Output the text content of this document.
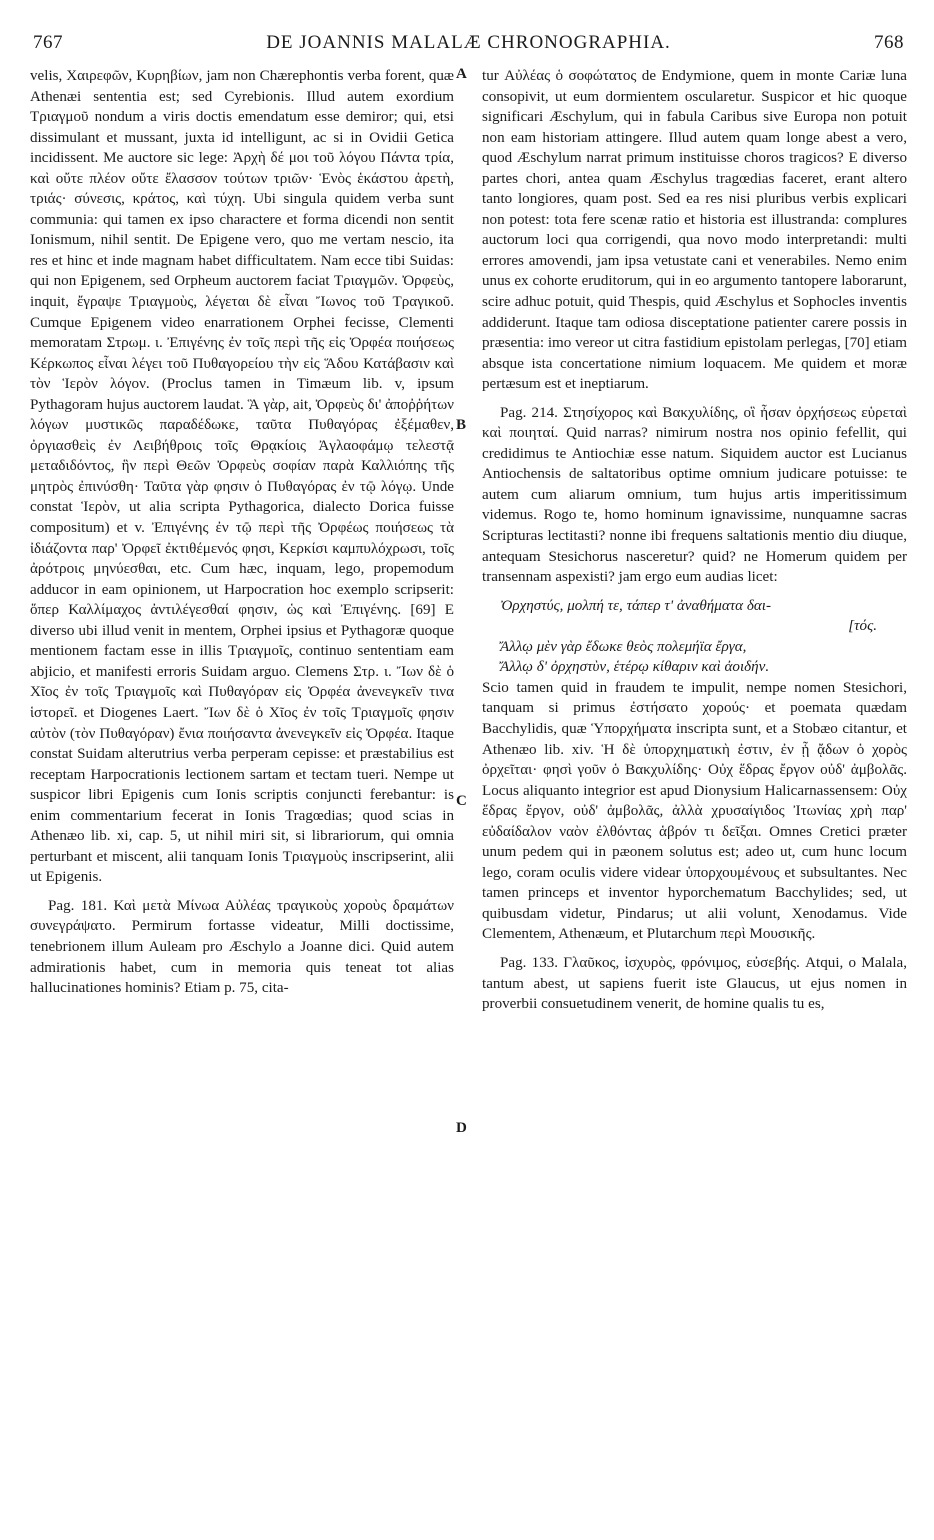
767	DE JOANNIS MALALÆ CHRONOGRAPHIA.	768

velis, Χαιρεφῶν, Κυρηβίων, jam non Chærephontis verba forent, quæ Athenæi sententia est; sed Cyrebionis. Illud autem exordium Τριαγμοῦ nondum a viris doctis emendatum esse demiror; qui, etsi dissimulant et mussant, juxta id intelligunt, ac si in Ovidii Getica incidissent. Me auctore sic lege: Ἀρχὴ δέ μοι τοῦ λόγου Πάντα τρία, καὶ οὔτε πλέον οὔτε ἔλασσον τούτων τριῶν· Ἑνὸς ἑκάστου ἀρετὴ, τριάς· σύνεσις, κράτος, καὶ τύχη. Ubi singula quidem verba sunt communia: qui tamen ex ipso charactere et forma dicendi non sentit Ionismum, nihil sentit. De Epigene vero, quo me vertam nescio, ita res et hinc et inde magnam habet difficultatem. Nam ecce tibi Suidas: qui non Epigenem, sed Orpheum auctorem faciat Τριαγμῶν. Ὀρφεὺς, inquit, ἔγραψε Τριαγμοὺς, λέγεται δὲ εἶναι Ἴωνος τοῦ Τραγικοῦ. Cumque Epigenem video enarrationem Orphei fecisse, Clementi memoratam Στρωμ. ι. Ἐπιγένης ἐν τοῖς περὶ τῆς εἰς Ὀρφέα ποιήσεως Κέρκωπος εἶναι λέγει τοῦ Πυθαγορείου τὴν εἰς Ἅδου Κατάβασιν καὶ τὸν Ἱερὸν λόγον. (Proclus tamen in Timæum lib. v, ipsum Pythagoram hujus auctorem laudat. Ἃ γὰρ, ait, Ὀρφεὺς δι' ἀποῤῥήτων λόγων μυστικῶς παραδέδωκε, ταῦτα Πυθαγόρας ἐξέμαθεν, ὀργιασθεὶς ἐν Λειβήθροις τοῖς Θρᾳκίοις Ἀγλαοφάμῳ τελεστᾷ μεταδιδόντος, ἣν περὶ Θεῶν Ὀρφεὺς σοφίαν παρὰ Καλλιόπης τῆς μητρὸς ἐπινύσθη· Ταῦτα γὰρ φησιν ὁ Πυθαγόρας ἐν τῷ λόγῳ. Unde constat Ἱερὸν, ut alia scripta Pythagorica, dialecto Dorica fuisse compositum) et v. Ἐπιγένης ἐν τῷ περὶ τῆς Ὀρφέως ποιήσεως τὰ ἰδιάζοντα παρ' Ὀρφεῖ ἐκτιθέμενός φησι, Κερκίσι καμπυλόχρωσι, τοῖς ἀρότροις μηνύεσθαι, etc. Cum hæc, inquam, lego, propemodum adducor in eam opinionem, ut Harpocration hoc exemplo scripserit: ὅπερ Καλλίμαχος ἀντιλέγεσθαί φησιν, ὡς καὶ Ἐπιγένης. [69] E diverso ubi illud venit in mentem, Orphei ipsius et Pythagoræ quoque mentionem factam esse in illis Τριαγμοῖς, continuo sententiam eam abjicio, et manifesti erroris Suidam arguo. Clemens Στρ. ι. Ἴων δὲ ὁ Χῖος ἐν τοῖς Τριαγμοῖς καὶ Πυθαγόραν εἰς Ὀρφέα ἀνενεγκεῖν τινα ἱστορεῖ. et Diogenes Laert. Ἴων δὲ ὁ Χῖος ἐν τοῖς Τριαγμοῖς φησιν αὐτὸν (τὸν Πυθαγόραν) ἔνια ποιήσαντα ἀνενεγκεῖν εἰς Ὀρφέα. Itaque constat Suidam alterutrius verba perperam cepisse: et præstabilius est receptam Harpocrationis lectionem sartam et tectam tueri. Nempe ut suspicor libri Epigenis cum Ionis scriptis conjuncti ferebantur: is enim commentarium fecerat in Ionis Tragœdias; quod scias in Athenæo lib. xi, cap. 5, ut nihil miri sit, si librariorum, qui omnia perturbant et miscent, alii tanquam Ionis Τριαγμοὺς inscripserint, alii ut Epigenis.

Pag. 181. Καὶ μετὰ Μίνωα Αὐλέας τραγικοὺς χοροὺς δραμάτων συνεγράψατο. Permirum fortasse videatur, Milli doctissime, tenebrionem illum Auleam pro Æschylo a Joanne dici. Quid autem admirationis habet, cum in memoria quis teneat tot alias hallucinationes hominis? Etiam p. 75, cita-

A
B
C
D

tur Αὐλέας ὁ σοφώτατος de Endymione, quem in monte Cariæ luna consopivit, ut eum dormientem oscularetur. Suspicor et hic quoque significari Æschylum, qui in fabula Caribus sive Europa non potuit non eam historiam attingere. Illud autem quam longe abest a vero, quod Æschylum narrat primum instituisse choros tragicos? E diverso partes chori, antea quam Æschylus tragœdias faceret, erant altero tanto longiores, quam post. Sed ea res nisi pluribus verbis explicari non potest: tota fere scenæ ratio et historia est illustranda: complures auctorum loci qua corrigendi, qua novo modo interpretandi: multi errores amovendi, jam ipsa vetustate cani et venerabiles. Nemo enim unus ex cohorte eruditorum, qui in eo argumento tantopere laborarunt, scire adhuc potuit, quid Thespis, quid Æschylus et Sophocles inventis addiderunt. Itaque tam odiosa disceptatione patienter carere possis in præsentia: imo vereor ut citra fastidium epistolam perlegas, [70] etiam absque ista concertatione nimium loquacem. Me quidem et moræ pertæsum est et ineptiarum.

Pag. 214. Στησίχορος καὶ Βακχυλίδης, οἳ ἦσαν ὀρχήσεως εὑρεταὶ καὶ ποιηταί. Quid narras? nimirum nostra nos opinio fefellit, qui credidimus te Antiochiæ esse natum. Siquidem auctor est Lucianus Antiochensis de saltatoribus optime omnium judicare potuisse: te autem cum aliarum omnium, tum hujus artis imperitissimum videmus. Rogo te, homo hominum ignavissime, nunquamne sacras Scripturas lectitasti? nonne ibi frequens saltationis mentio diu diuque, antequam Stesichorus nasceretur? quid? ne Homerum quidem per transennam aspexisti? jam ergo eum audias licet:

Ὀρχηστύς, μολπή τε, τάπερ τ' ἀναθήματα δαι-
[τός.
Ἄλλῳ μὲν γὰρ ἔδωκε θεὸς πολεμήϊα ἔργα,
Ἄλλῳ δ' ὀρχηστὺν, ἑτέρῳ κίθαριν καὶ ἀοιδήν.

Scio tamen quid in fraudem te impulit, nempe nomen Stesichori, tanquam si primus ἐστήσατο χορούς· et poemata quædam Bacchylidis, quæ Ὑπορχήματα inscripta sunt, et a Stobæo citantur, et Athenæo lib. xiv. Ἡ δὲ ὑπορχηματικὴ ἐστιν, ἐν ᾗ ᾄδων ὁ χορὸς ὀρχεῖται· φησὶ γοῦν ὁ Βακχυλίδης· Οὐχ ἕδρας ἔργον οὐδ' ἀμβολᾶς. Locus aliquanto integrior est apud Dionysium Halicarnassensem: Οὐχ ἕδρας ἔργον, οὐδ' ἀμβολᾶς, ἀλλὰ χρυσαίγιδος Ἰτωνίας χρὴ παρ' εὐδαίδαλον ναὸν ἐλθόντας ἁβρόν τι δεῖξαι. Omnes Cretici præter unum pedem qui in pæonem solutus est; adeo ut, cum hunc locum lego, coram oculis videre videar ὑπορχουμένους et subsultantes. Nec tamen princeps et inventor hyporchematum Bacchylides; sed, ut quibusdam videtur, Pindarus; ut alii volunt, Xenodamus. Vide Clementem, Athenæum, et Plutarchum περὶ Μουσικῆς.

Pag. 133. Γλαῦκος, ἰσχυρὸς, φρόνιμος, εὐσεβής. Atqui, o Malala, tantum abest, ut sapiens fuerit iste Glaucus, ut ejus nomen in proverbii consuetudinem venerit, de homine qualis tu es,
